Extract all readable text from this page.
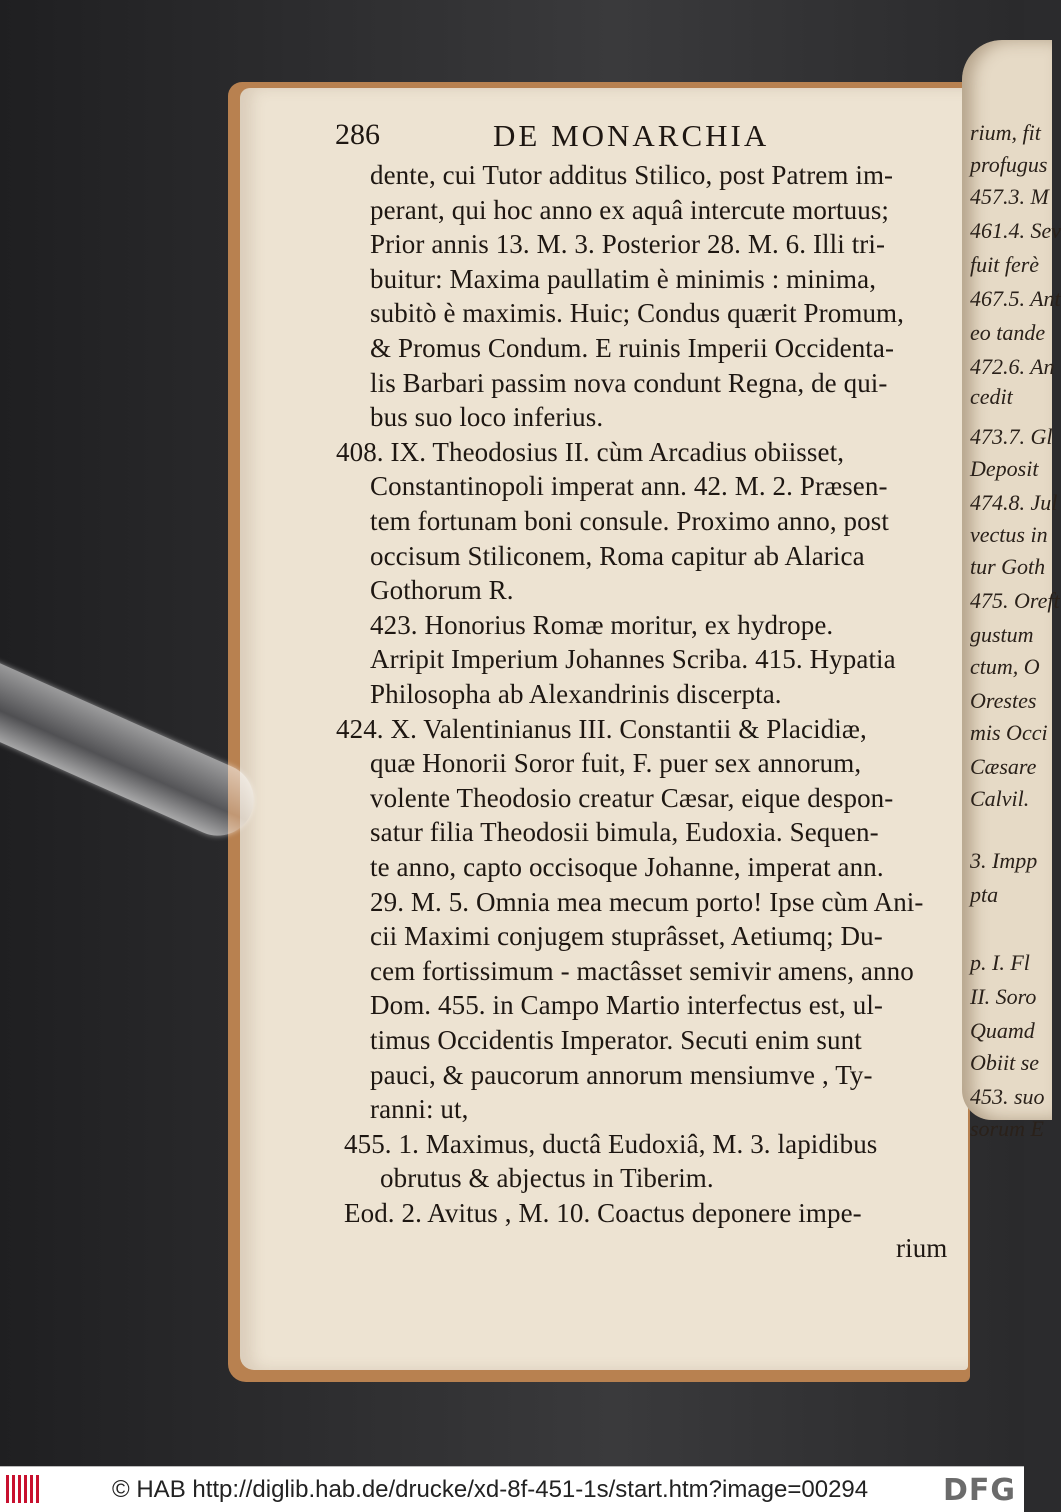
rium, fit
profugus
457.3. M
461.4. Sev
fuit ferè
467.5. Ant
eo tande
472.6. An
cedit
473.7. Gl
Deposit
474.8. Jul
vectus in
tur Goth
475. Oreft
gustum
ctum, O
Orestes
mis Occi
Cæsare
Calvil.
3. Impp
pta
p. I. Fl
II. Soro
Quamd
Obiit se
453. suo
sorum E
286	DE MONARCHIA
dente, cui Tutor additus Stilico, post Patrem im-
perant, qui hoc anno ex aquâ intercute mortuus;
Prior annis 13. M. 3. Posterior 28. M. 6. Illi tri-
buitur: Maxima paullatim è minimis : minima,
subitò è maximis. Huic; Condus quærit Promum,
& Promus Condum. E ruinis Imperii Occidenta-
lis Barbari passim nova condunt Regna, de qui-
bus suo loco inferius.
408. IX. Theodosius II. cùm Arcadius obiisset,
Constantinopoli imperat ann. 42. M. 2. Præsen-
tem fortunam boni consule. Proximo anno, post
occisum Stiliconem, Roma capitur ab Alarica
Gothorum R.
423. Honorius Romæ moritur, ex hydrope.
Arripit Imperium Johannes Scriba. 415. Hypatia
Philosopha ab Alexandrinis discerpta.
424. X. Valentinianus III. Constantii & Placidiæ,
quæ Honorii Soror fuit, F. puer sex annorum,
volente Theodosio creatur Cæsar, eique despon-
satur filia Theodosii bimula, Eudoxia. Sequen-
te anno, capto occisoque Johanne, imperat ann.
29. M. 5. Omnia mea mecum porto! Ipse cùm Ani-
cii Maximi conjugem stuprâsset, Aetiumq; Du-
cem fortissimum - mactâsset semivir amens, anno
Dom. 455. in Campo Martio interfectus est, ul-
timus Occidentis Imperator. Secuti enim sunt
pauci, & paucorum annorum mensiumve , Ty-
ranni: ut,
455. 1. Maximus, ductâ Eudoxiâ, M. 3. lapidibus
obrutus & abjectus in Tiberim.
Eod. 2. Avitus , M. 10. Coactus deponere impe-
rium
© HAB http://diglib.hab.de/drucke/xd-8f-451-1s/start.htm?image=00294 DFG
